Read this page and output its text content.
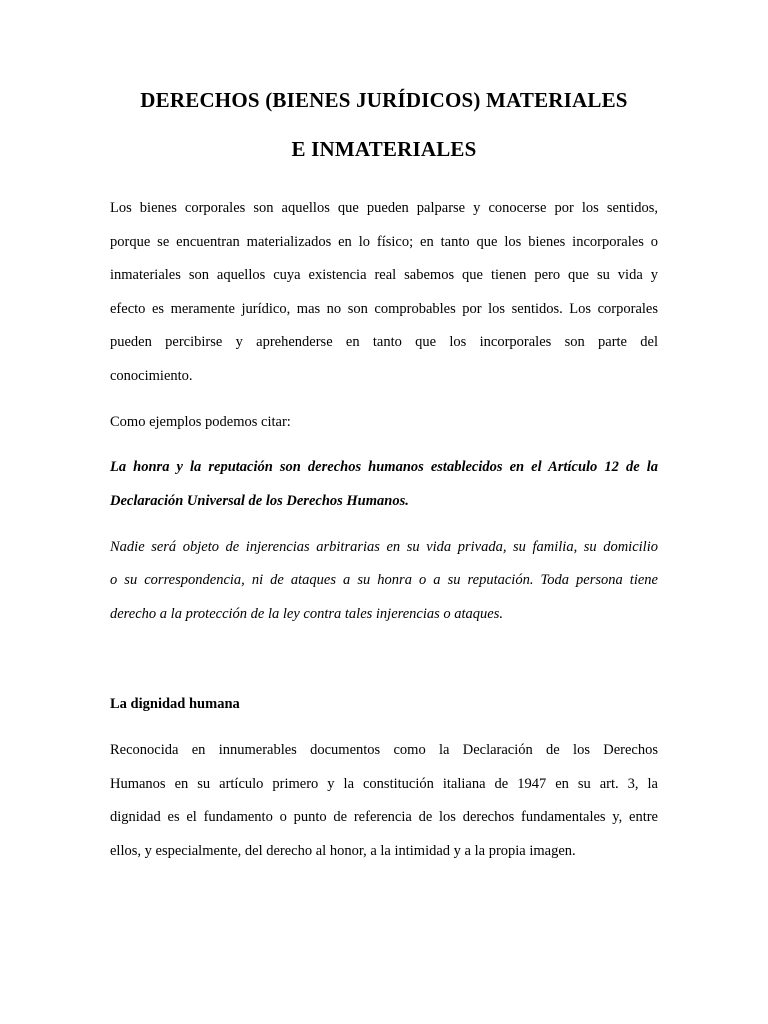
DERECHOS (BIENES JURÍDICOS) MATERIALES
E INMATERIALES

Los bienes corporales son aquellos que pueden palparse y conocerse por los sentidos,

porque se encuentran materializados en lo físico; en tanto que los bienes incorporales o

inmateriales son aquellos cuya existencia real sabemos que tienen pero que su vida y

efecto es meramente jurídico, mas no son comprobables por los sentidos. Los corporales

pueden percibirse y aprehenderse en tanto que los incorporales son parte del

conocimiento.

Como ejemplos podemos citar:

La honra y la reputación son derechos humanos establecidos en el Artículo 12 de la

Declaración Universal de los Derechos Humanos.

Nadie será objeto de injerencias arbitrarias en su vida privada, su familia, su domicilio

o su correspondencia, ni de ataques a su honra o a su reputación. Toda persona tiene

derecho a la protección de la ley contra tales injerencias o ataques.

La dignidad humana

Reconocida en innumerables documentos como la Declaración de los Derechos

Humanos en su artículo primero y la constitución italiana de 1947 en su art. 3, la

dignidad es el fundamento o punto de referencia de los derechos fundamentales y, entre

ellos, y especialmente, del derecho al honor, a la intimidad y a la propia imagen.
